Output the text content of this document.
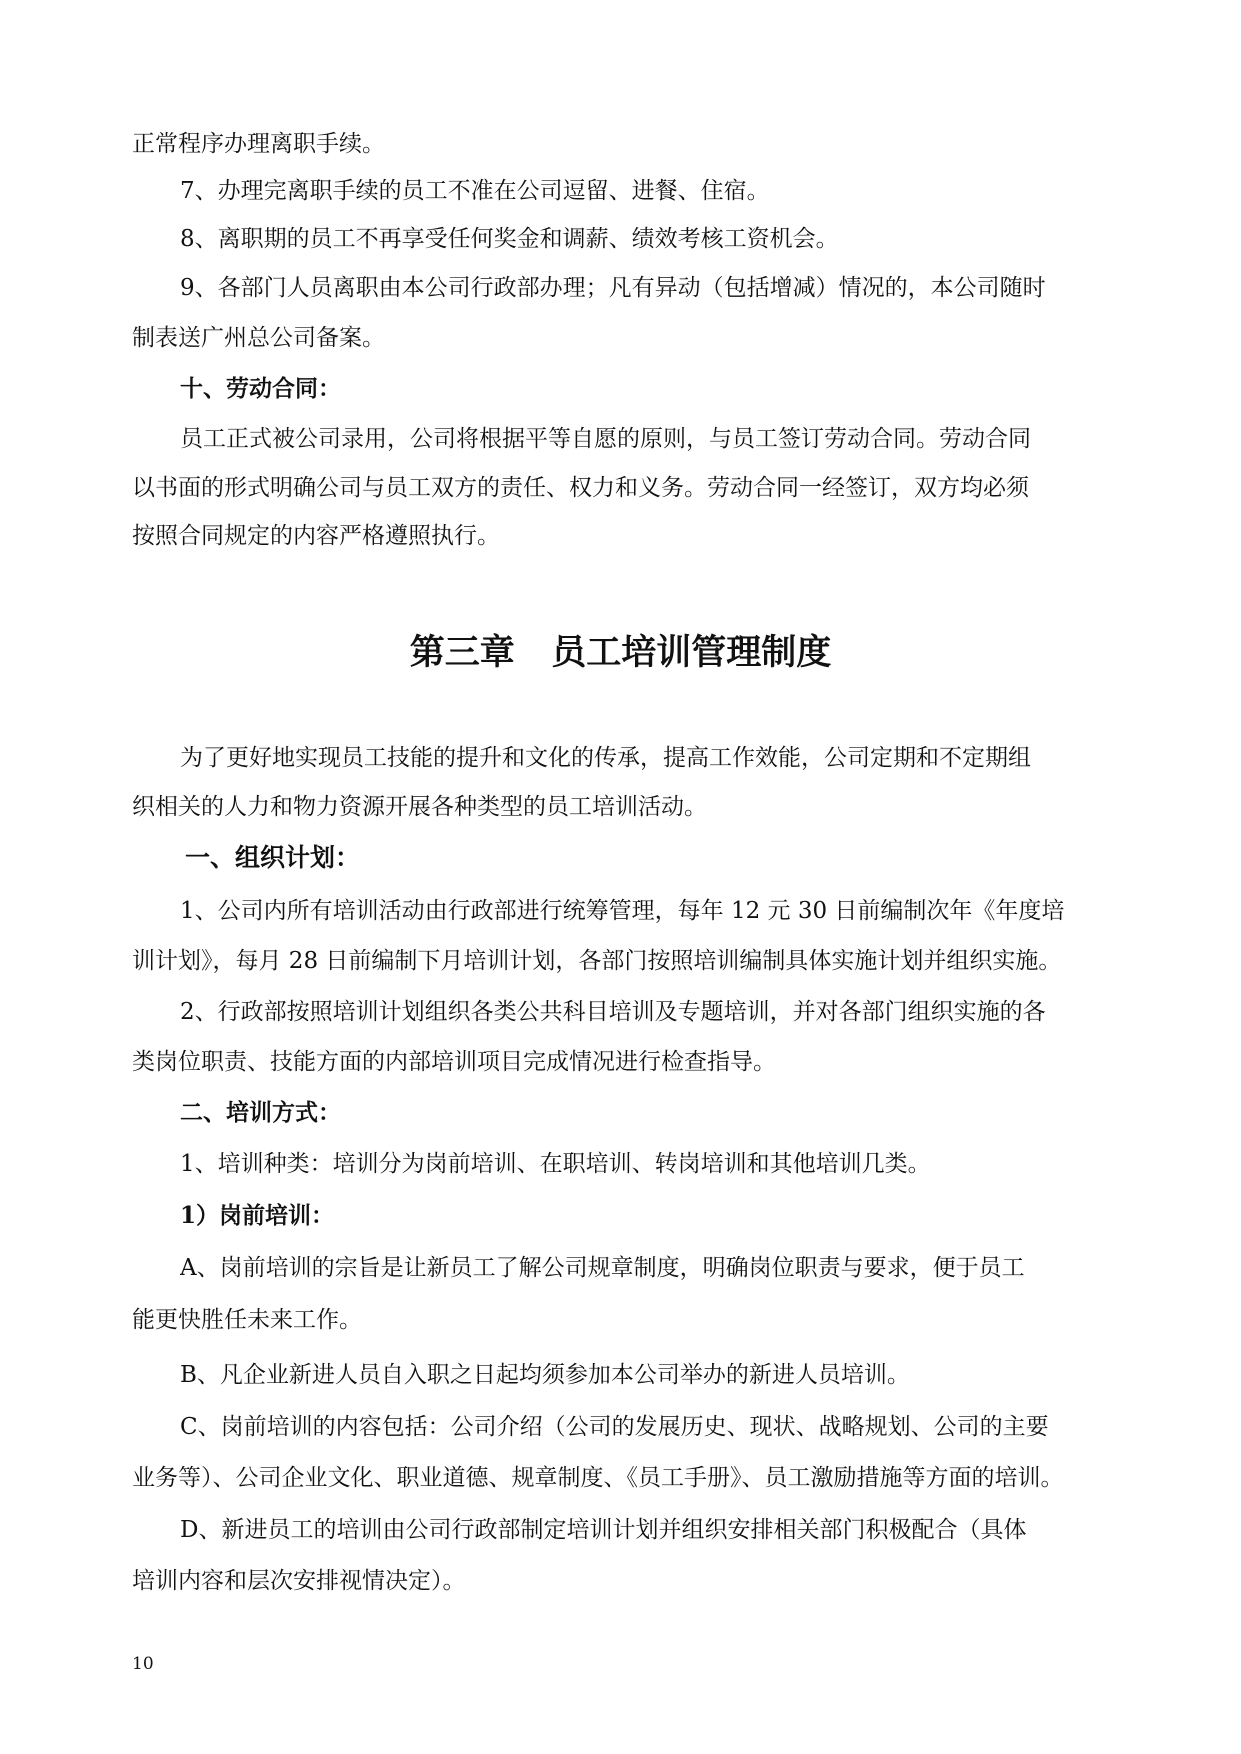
正常程序办理离职手续。
7、办理完离职手续的员工不准在公司逗留、进餐、住宿。
8、离职期的员工不再享受任何奖金和调薪、绩效考核工资机会。
9、各部门人员离职由本公司行政部办理；凡有异动（包括增减）情况的，本公司随时
制表送广州总公司备案。
十、劳动合同：
员工正式被公司录用，公司将根据平等自愿的原则，与员工签订劳动合同。劳动合同
以书面的形式明确公司与员工双方的责任、权力和义务。劳动合同一经签订，双方均必须
按照合同规定的内容严格遵照执行。
第三章   员工培训管理制度
为了更好地实现员工技能的提升和文化的传承，提高工作效能，公司定期和不定期组
织相关的人力和物力资源开展各种类型的员工培训活动。
一、组织计划：
1、公司内所有培训活动由行政部进行统筹管理，每年 12 元 30 日前编制次年《年度培
训计划》，每月 28 日前编制下月培训计划，各部门按照培训编制具体实施计划并组织实施。
2、行政部按照培训计划组织各类公共科目培训及专题培训，并对各部门组织实施的各
类岗位职责、技能方面的内部培训项目完成情况进行检查指导。
二、培训方式：
1、培训种类：培训分为岗前培训、在职培训、转岗培训和其他培训几类。
1）岗前培训：
A、岗前培训的宗旨是让新员工了解公司规章制度，明确岗位职责与要求，便于员工
能更快胜任未来工作。
B、凡企业新进人员自入职之日起均须参加本公司举办的新进人员培训。
C、岗前培训的内容包括：公司介绍（公司的发展历史、现状、战略规划、公司的主要
业务等）、公司企业文化、职业道德、规章制度、《员工手册》、员工激励措施等方面的培训。
D、新进员工的培训由公司行政部制定培训计划并组织安排相关部门积极配合（具体
培训内容和层次安排视情决定）。
10
